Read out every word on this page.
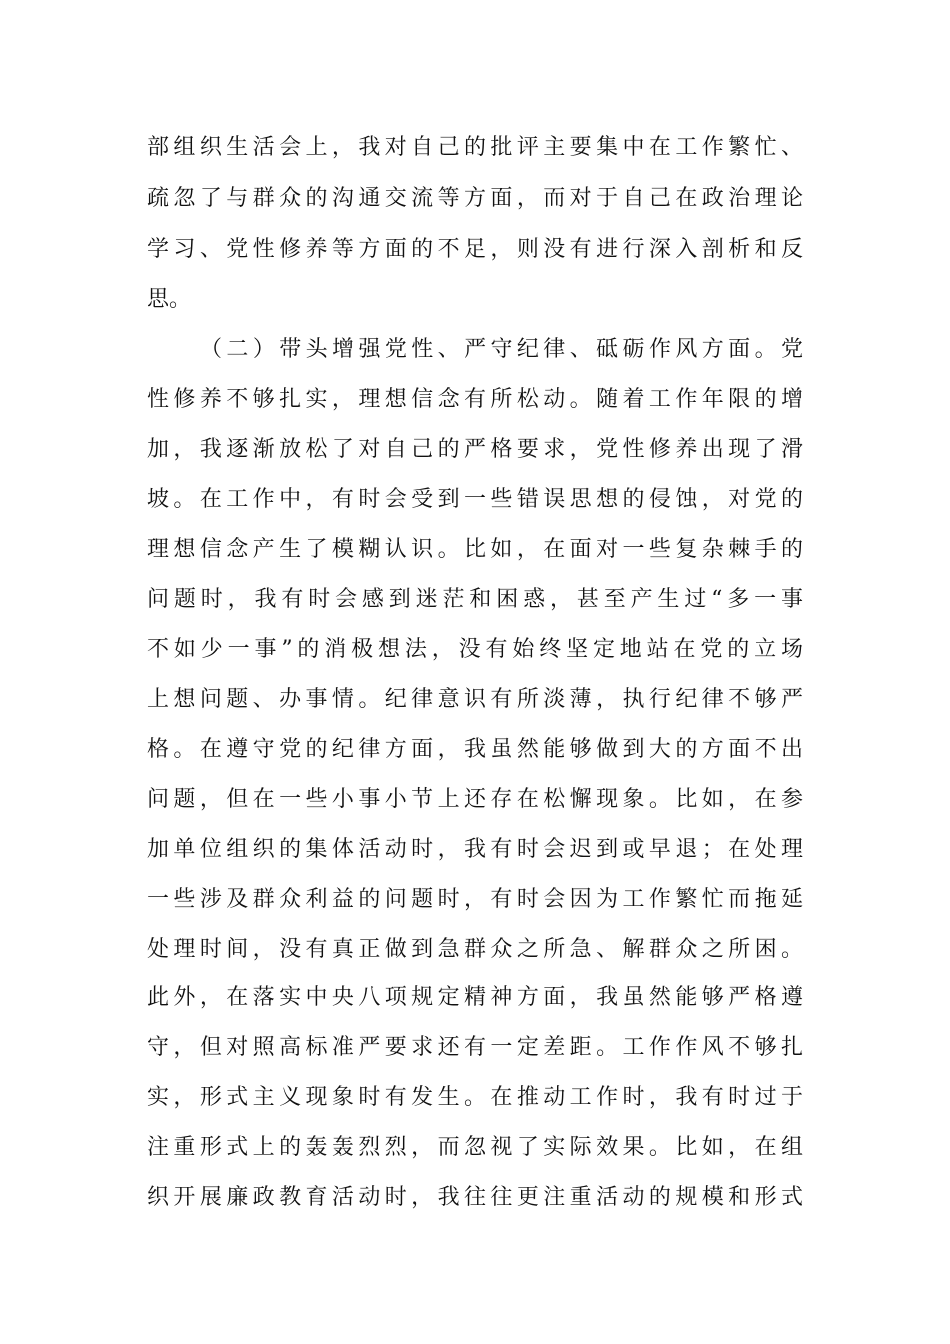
部组织生活会上，我对自己的批评主要集中在工作繁忙、
疏忽了与群众的沟通交流等方面，而对于自己在政治理论
学习、党性修养等方面的不足，则没有进行深入剖析和反
思。
（二）带头增强党性、严守纪律、砥砺作风方面。党
性修养不够扎实，理想信念有所松动。随着工作年限的增
加，我逐渐放松了对自己的严格要求，党性修养出现了滑
坡。在工作中，有时会受到一些错误思想的侵蚀，对党的
理想信念产生了模糊认识。比如，在面对一些复杂棘手的
问题时，我有时会感到迷茫和困惑，甚至产生过“多一事
不如少一事”的消极想法，没有始终坚定地站在党的立场
上想问题、办事情。纪律意识有所淡薄，执行纪律不够严
格。在遵守党的纪律方面，我虽然能够做到大的方面不出
问题，但在一些小事小节上还存在松懈现象。比如，在参
加单位组织的集体活动时，我有时会迟到或早退；在处理
一些涉及群众利益的问题时，有时会因为工作繁忙而拖延
处理时间，没有真正做到急群众之所急、解群众之所困。
此外，在落实中央八项规定精神方面，我虽然能够严格遵
守，但对照高标准严要求还有一定差距。工作作风不够扎
实，形式主义现象时有发生。在推动工作时，我有时过于
注重形式上的轰轰烈烈，而忽视了实际效果。比如，在组
织开展廉政教育活动时，我往往更注重活动的规模和形式
